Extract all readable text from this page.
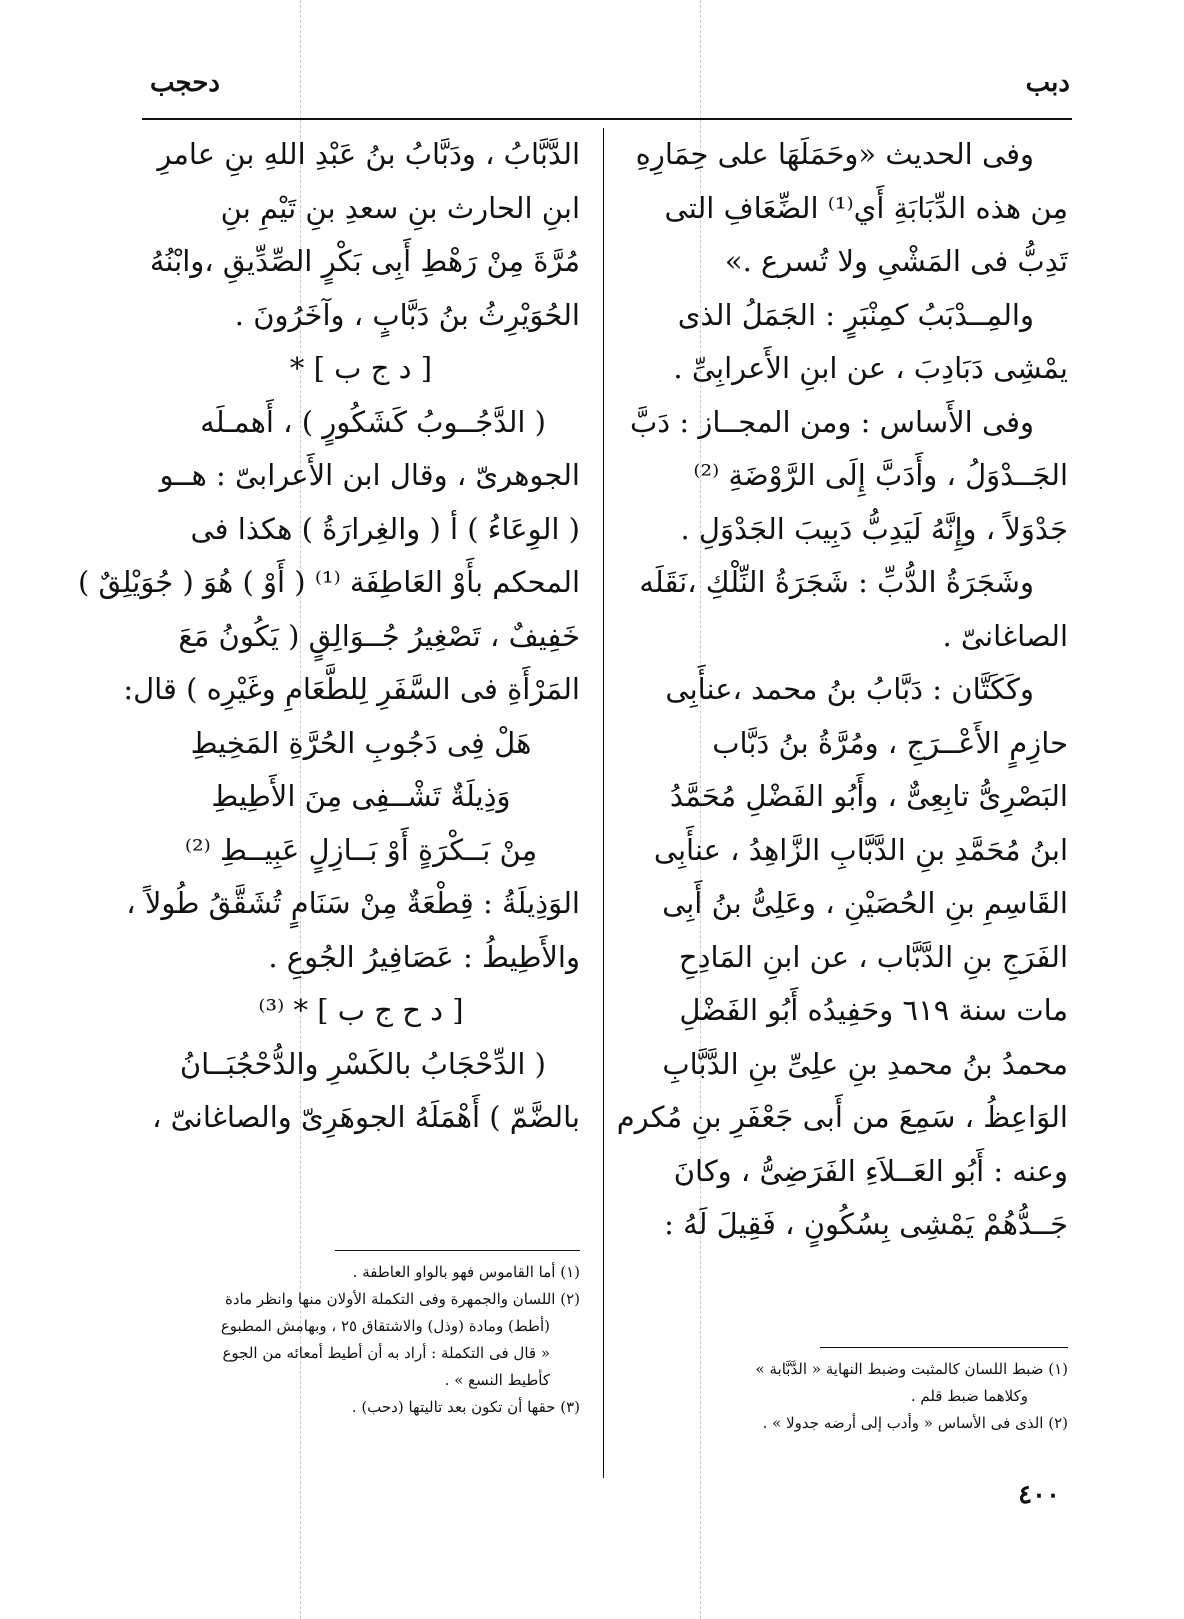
دبب
دحجب
وفى الحديث «وحَمَلَهَا على حِمَارِهِ
مِن هذه الدِّبَابَةِ أَي⁽¹⁾ الضِّعَافِ التى
تَدِبُّ فى المَشْىِ ولا تُسرع .»
والمِــدْبَبُ كمِنْبَرٍ : الجَمَلُ الذى
يمْشِى دَبَادِبَ ، عن ابنِ الأَعرابِىِّ .
وفى الأَساس : ومن المجــاز : دَبَّ
الجَــدْوَلُ ، وأَدَبَّ إِلَى الرَّوْضَةِ ⁽²⁾
جَدْوَلاً ، وإِنَّهُ لَيَدِبُّ دَبِيبَ الجَدْوَلِ .
وشَجَرَةُ الدُّبِّ : شَجَرَةُ النِّلْكِ ،نَقَلَه
الصاغانىّ .
وكَكَتَّان : دَبَّابُ بنُ محمد ،عنأَبِى
حازِمٍ الأَعْــرَجِ ، ومُرَّةُ بنُ دَبَّاب
البَصْرِىُّ تابِعِىٌّ ، وأَبُو الفَضْلِ مُحَمَّدُ
ابنُ مُحَمَّدِ بنِ الدَّبَّابِ الزَّاهِدُ ، عنأَبِى
القَاسِمِ بنِ الحُصَيْنِ ، وعَلِىُّ بنُ أَبِى
الفَرَجِ بنِ الدَّبَّاب ، عن ابنِ المَادِحِ
مات سنة ٦١٩ وحَفِيدُه أَبُو الفَضْلِ
محمدُ بنُ محمدِ بنِ علِىِّ بنِ الدَّبَّابِ
الوَاعِظُ ، سَمِعَ من أَبى جَعْفَرِ بنِ مُكرم
وعنه : أَبُو العَــلاَءِ الفَرَضِىُّ ، وكانَ
جَــدُّهُمْ يَمْشِى بِسُكُونٍ ، فَقِيلَ لَهُ :
الدَّبَّابُ ، ودَبَّابُ بنُ عَبْدِ اللهِ بنِ عامرِ
ابنِ الحارث بنِ سعدِ بنِ تَيْمِ بنِ
مُرَّةَ مِنْ رَهْطِ أَبِى بَكْرٍ الصِّدِّيقِ ،وابْنُهُ
الحُوَيْرِثُ بنُ دَبَّابٍ ، وآخَرُونَ .
[ د ج ب ] *
( الدَّجُــوبُ كَشَكُورٍ ) ، أَهمـلَه
الجوهرىّ ، وقال ابن الأَعرابىّ : هــو
( الوِعَاءُ ) أ ( والغِرارَةُ ) هكذا فى
المحكم بأَوْ العَاطِفَة ⁽¹⁾ ( أَوْ ) هُوَ ( جُوَيْلِقٌ )
خَفِيفٌ ، تَصْغِيرُ جُــوَالِقٍ ( يَكُونُ مَعَ
المَرْأَةِ فى السَّفَرِ لِلطَّعَامِ وغَيْرِه ) قال:
هَلْ فِى دَجُوبِ الحُرَّةِ المَخِيطِ
وَذِيلَةٌ تَشْــفِى مِنَ الأَطِيطِ
مِنْ بَــكْرَةٍ أَوْ بَــازِلٍ عَبِيــطِ ⁽²⁾
الوَذِيلَةُ : قِطْعَةٌ مِنْ سَنَامٍ تُشَقَّقُ طُولاً ،
والأَطِيطُ : عَصَافِيرُ الجُوعِ .
[ د ح ج ب ] * ⁽³⁾
( الدِّحْجَابُ بالكَسْرِ والدُّحْجُبَــانُ
بالضَّمّ ) أَهْمَلَهُ الجوهَرِىّ والصاغانىّ ،
(١) ضبط اللسان كالمثبت وضبط النهاية « الدَّبَّابة »
وكلاهما ضبط قلم .
(٢) الذى فى الأساس « وأدب إلى أرضه جدولا » .
(١) أما القاموس فهو بالواو العاطفة .
(٢) اللسان والجمهرة وفى التكملة الأولان منها وانظر مادة
(أطط) ومادة (وذل) والاشتقاق ٢٥ ، وبهامش المطبوع
« قال فى التكملة : أراد به أن أطيط أمعائه من الجوع
كأطيط النسع » .
(٣) حقها أن تكون بعد تاليتها (دحب) .
٤٠٠
